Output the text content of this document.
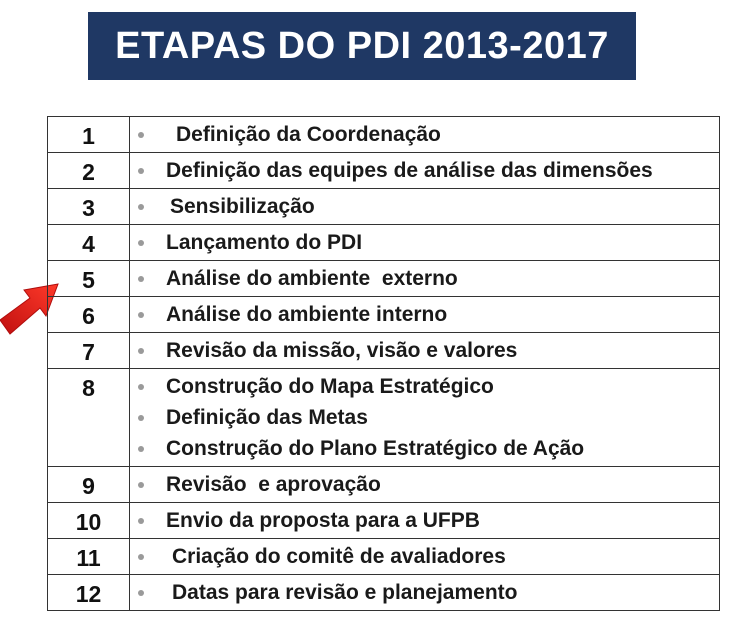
ETAPAS DO PDI 2013-2017
1	Definição da Coordenação

2	Definição das equipes de análise das dimensões

3	Sensibilização

4	Lançamento do PDI

5	Análise do ambiente  externo

6	Análise do ambiente interno

7	Revisão da missão, visão e valores

8	Construção do Mapa Estratégico
Definição das Metas
Construção do Plano Estratégico de Ação

9	Revisão  e aprovação

10	Envio da proposta para a UFPB

11	Criação do comitê de avaliadores

12	Datas para revisão e planejamento
